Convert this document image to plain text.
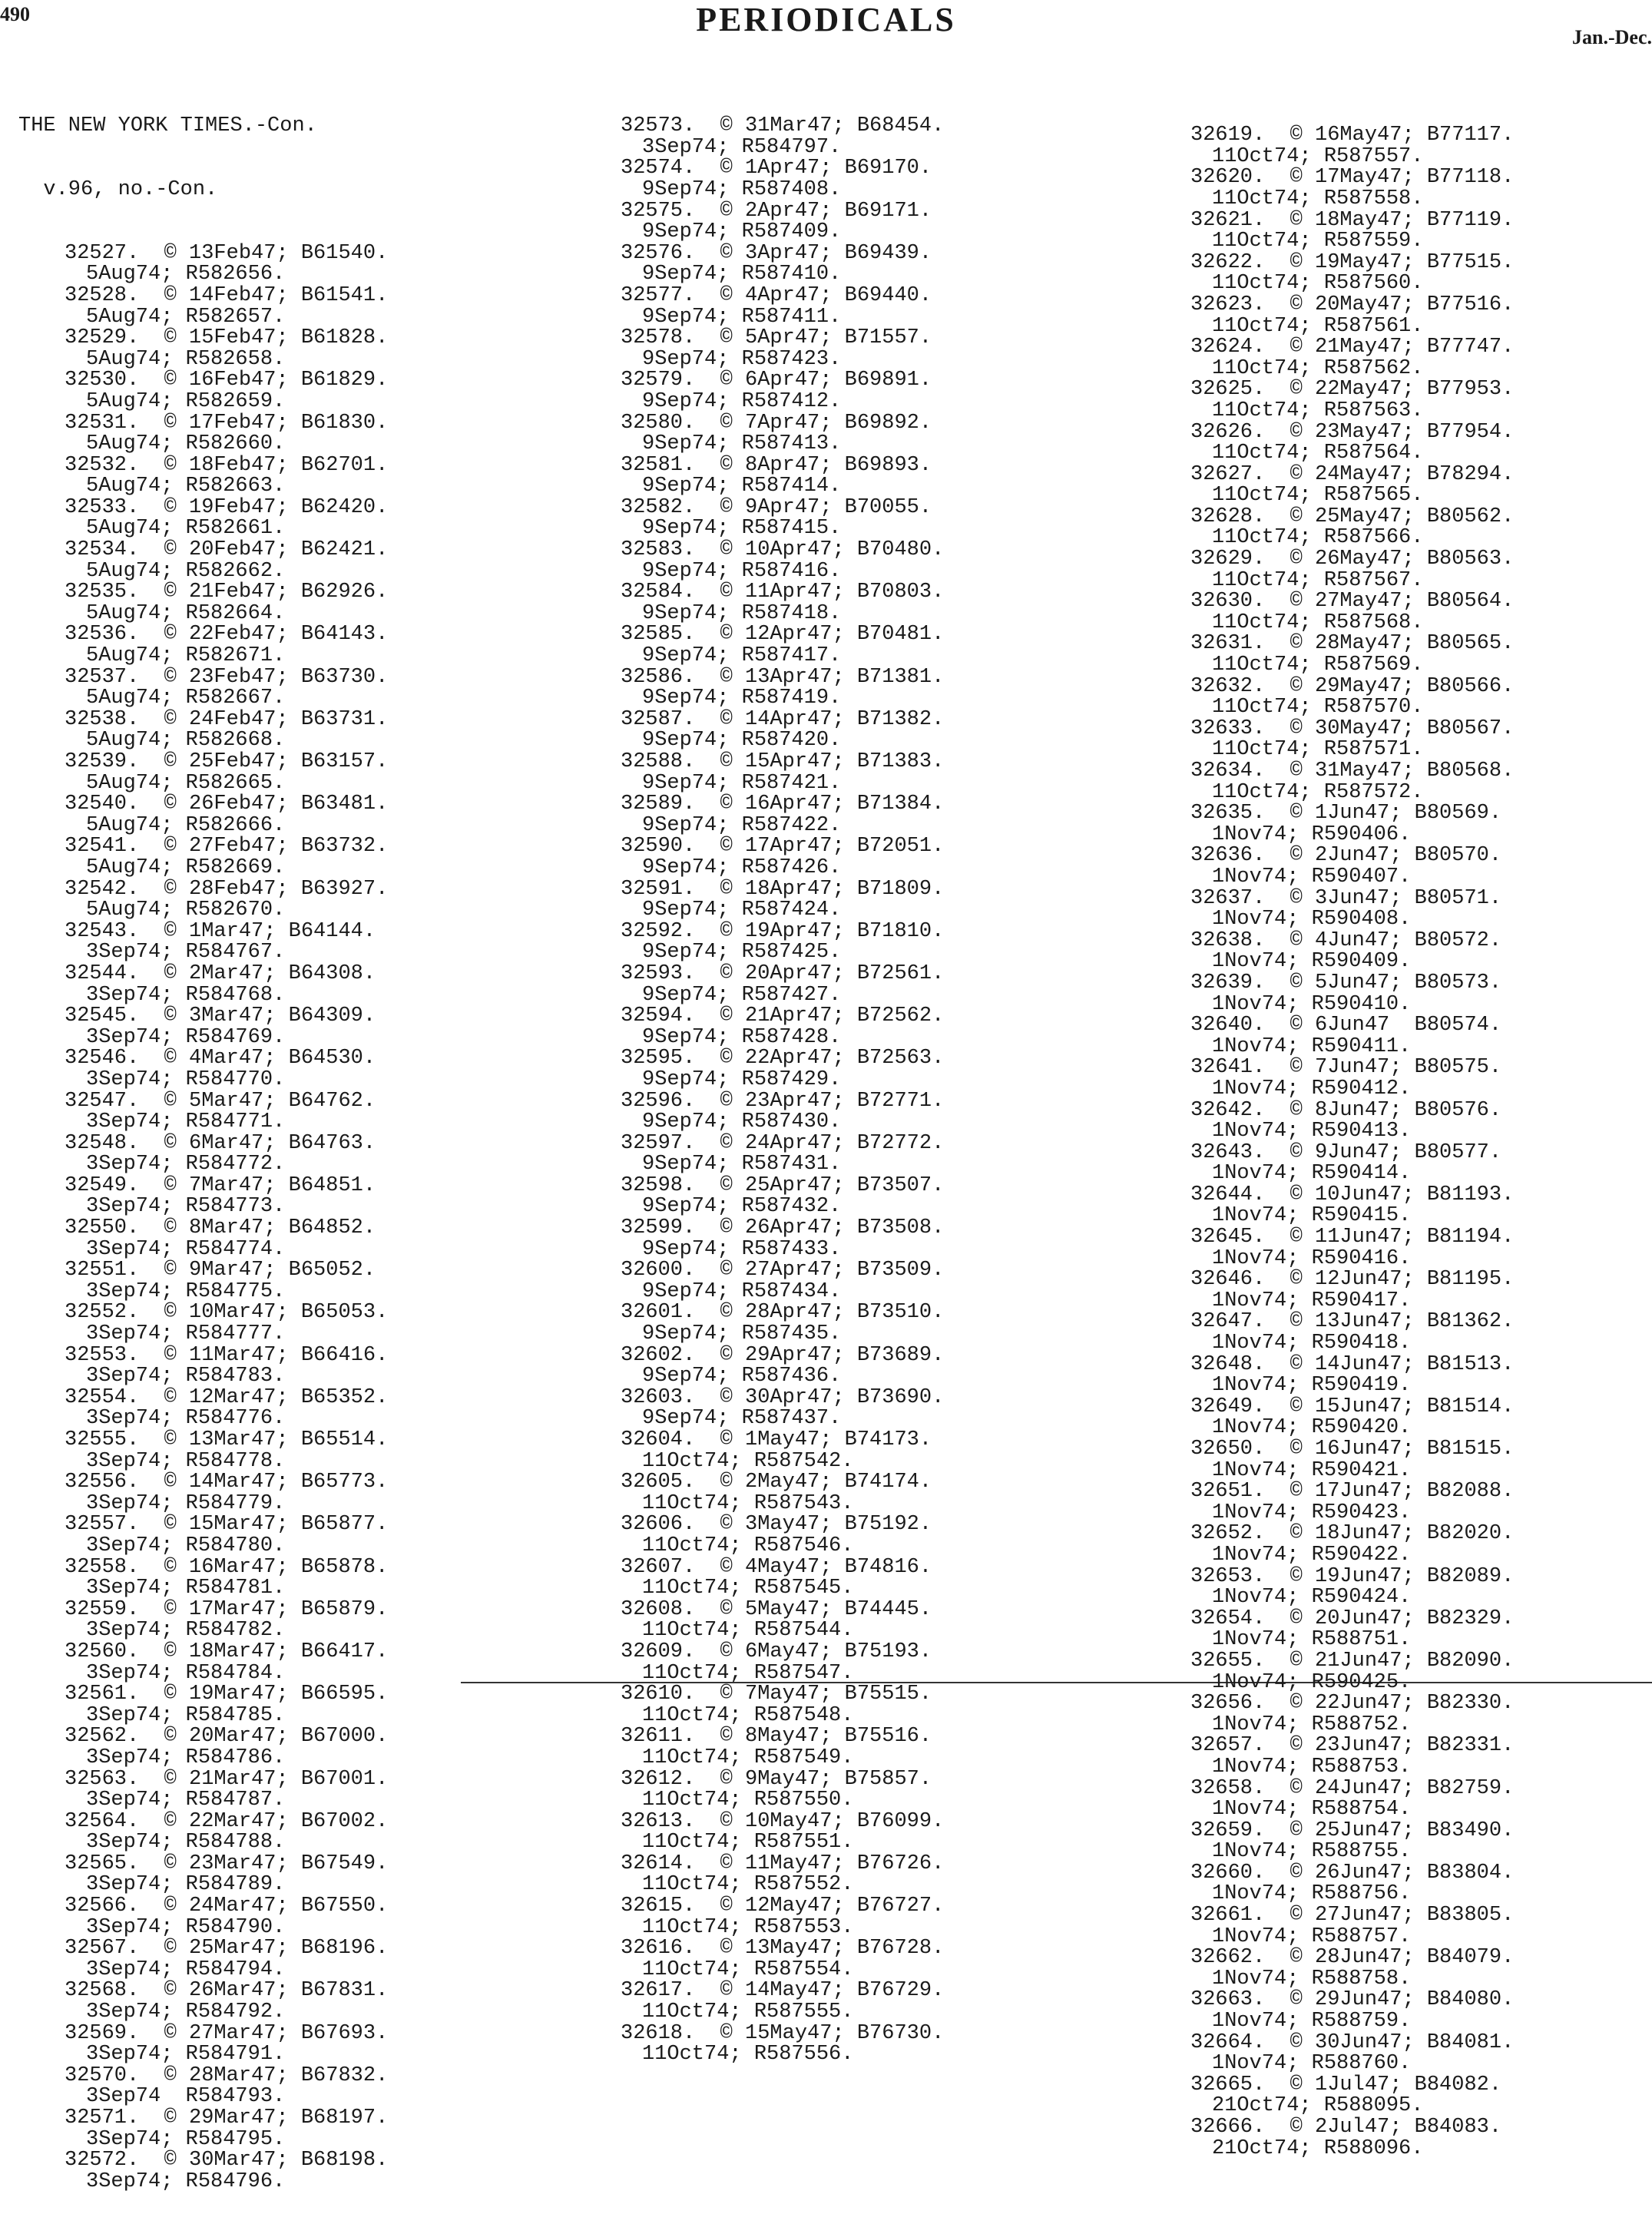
490	PERIODICALS	Jan.-Dec.

THE NEW YORK TIMES.-Con.

v.96, no.-Con.

32527.  © 13Feb47; B61540.
5Aug74; R582656.
32528.  © 14Feb47; B61541.
5Aug74; R582657.
32529.  © 15Feb47; B61828.
5Aug74; R582658.
32530.  © 16Feb47; B61829.
5Aug74; R582659.
32531.  © 17Feb47; B61830.
5Aug74; R582660.
32532.  © 18Feb47; B62701.
5Aug74; R582663.
32533.  © 19Feb47; B62420.
5Aug74; R582661.
32534.  © 20Feb47; B62421.
5Aug74; R582662.
32535.  © 21Feb47; B62926.
5Aug74; R582664.
32536.  © 22Feb47; B64143.
5Aug74; R582671.
32537.  © 23Feb47; B63730.
5Aug74; R582667.
32538.  © 24Feb47; B63731.
5Aug74; R582668.
32539.  © 25Feb47; B63157.
5Aug74; R582665.
32540.  © 26Feb47; B63481.
5Aug74; R582666.
32541.  © 27Feb47; B63732.
5Aug74; R582669.
32542.  © 28Feb47; B63927.
5Aug74; R582670.
32543.  © 1Mar47; B64144.
3Sep74; R584767.
32544.  © 2Mar47; B64308.
3Sep74; R584768.
32545.  © 3Mar47; B64309.
3Sep74; R584769.
32546.  © 4Mar47; B64530.
3Sep74; R584770.
32547.  © 5Mar47; B64762.
3Sep74; R584771.
32548.  © 6Mar47; B64763.
3Sep74; R584772.
32549.  © 7Mar47; B64851.
3Sep74; R584773.
32550.  © 8Mar47; B64852.
3Sep74; R584774.
32551.  © 9Mar47; B65052.
3Sep74; R584775.
32552.  © 10Mar47; B65053.
3Sep74; R584777.
32553.  © 11Mar47; B66416.
3Sep74; R584783.
32554.  © 12Mar47; B65352.
3Sep74; R584776.
32555.  © 13Mar47; B65514.
3Sep74; R584778.
32556.  © 14Mar47; B65773.
3Sep74; R584779.
32557.  © 15Mar47; B65877.
3Sep74; R584780.
32558.  © 16Mar47; B65878.
3Sep74; R584781.
32559.  © 17Mar47; B65879.
3Sep74; R584782.
32560.  © 18Mar47; B66417.
3Sep74; R584784.
32561.  © 19Mar47; B66595.
3Sep74; R584785.
32562.  © 20Mar47; B67000.
3Sep74; R584786.
32563.  © 21Mar47; B67001.
3Sep74; R584787.
32564.  © 22Mar47; B67002.
3Sep74; R584788.
32565.  © 23Mar47; B67549.
3Sep74; R584789.
32566.  © 24Mar47; B67550.
3Sep74; R584790.
32567.  © 25Mar47; B68196.
3Sep74; R584794.
32568.  © 26Mar47; B67831.
3Sep74; R584792.
32569.  © 27Mar47; B67693.
3Sep74; R584791.
32570.  © 28Mar47; B67832.
3Sep74  R584793.
32571.  © 29Mar47; B68197.
3Sep74; R584795.
32572.  © 30Mar47; B68198.
3Sep74; R584796.

32573.  © 31Mar47; B68454.
3Sep74; R584797.
32574.  © 1Apr47; B69170.
9Sep74; R587408.
32575.  © 2Apr47; B69171.
9Sep74; R587409.
32576.  © 3Apr47; B69439.
9Sep74; R587410.
32577.  © 4Apr47; B69440.
9Sep74; R587411.
32578.  © 5Apr47; B71557.
9Sep74; R587423.
32579.  © 6Apr47; B69891.
9Sep74; R587412.
32580.  © 7Apr47; B69892.
9Sep74; R587413.
32581.  © 8Apr47; B69893.
9Sep74; R587414.
32582.  © 9Apr47; B70055.
9Sep74; R587415.
32583.  © 10Apr47; B70480.
9Sep74; R587416.
32584.  © 11Apr47; B70803.
9Sep74; R587418.
32585.  © 12Apr47; B70481.
9Sep74; R587417.
32586.  © 13Apr47; B71381.
9Sep74; R587419.
32587.  © 14Apr47; B71382.
9Sep74; R587420.
32588.  © 15Apr47; B71383.
9Sep74; R587421.
32589.  © 16Apr47; B71384.
9Sep74; R587422.
32590.  © 17Apr47; B72051.
9Sep74; R587426.
32591.  © 18Apr47; B71809.
9Sep74; R587424.
32592.  © 19Apr47; B71810.
9Sep74; R587425.
32593.  © 20Apr47; B72561.
9Sep74; R587427.
32594.  © 21Apr47; B72562.
9Sep74; R587428.
32595.  © 22Apr47; B72563.
9Sep74; R587429.
32596.  © 23Apr47; B72771.
9Sep74; R587430.
32597.  © 24Apr47; B72772.
9Sep74; R587431.
32598.  © 25Apr47; B73507.
9Sep74; R587432.
32599.  © 26Apr47; B73508.
9Sep74; R587433.
32600.  © 27Apr47; B73509.
9Sep74; R587434.
32601.  © 28Apr47; B73510.
9Sep74; R587435.
32602.  © 29Apr47; B73689.
9Sep74; R587436.
32603.  © 30Apr47; B73690.
9Sep74; R587437.
32604.  © 1May47; B74173.
11Oct74; R587542.
32605.  © 2May47; B74174.
11Oct74; R587543.
32606.  © 3May47; B75192.
11Oct74; R587546.
32607.  © 4May47; B74816.
11Oct74; R587545.
32608.  © 5May47; B74445.
11Oct74; R587544.
32609.  © 6May47; B75193.
11Oct74; R587547.
32610.  © 7May47; B75515.
11Oct74; R587548.
32611.  © 8May47; B75516.
11Oct74; R587549.
32612.  © 9May47; B75857.
11Oct74; R587550.
32613.  © 10May47; B76099.
11Oct74; R587551.
32614.  © 11May47; B76726.
11Oct74; R587552.
32615.  © 12May47; B76727.
11Oct74; R587553.
32616.  © 13May47; B76728.
11Oct74; R587554.
32617.  © 14May47; B76729.
11Oct74; R587555.
32618.  © 15May47; B76730.
11Oct74; R587556.

32619.  © 16May47; B77117.
11Oct74; R587557.
32620.  © 17May47; B77118.
11Oct74; R587558.
32621.  © 18May47; B77119.
11Oct74; R587559.
32622.  © 19May47; B77515.
11Oct74; R587560.
32623.  © 20May47; B77516.
11Oct74; R587561.
32624.  © 21May47; B77747.
11Oct74; R587562.
32625.  © 22May47; B77953.
11Oct74; R587563.
32626.  © 23May47; B77954.
11Oct74; R587564.
32627.  © 24May47; B78294.
11Oct74; R587565.
32628.  © 25May47; B80562.
11Oct74; R587566.
32629.  © 26May47; B80563.
11Oct74; R587567.
32630.  © 27May47; B80564.
11Oct74; R587568.
32631.  © 28May47; B80565.
11Oct74; R587569.
32632.  © 29May47; B80566.
11Oct74; R587570.
32633.  © 30May47; B80567.
11Oct74; R587571.
32634.  © 31May47; B80568.
11Oct74; R587572.
32635.  © 1Jun47; B80569.
1Nov74; R590406.
32636.  © 2Jun47; B80570.
1Nov74; R590407.
32637.  © 3Jun47; B80571.
1Nov74; R590408.
32638.  © 4Jun47; B80572.
1Nov74; R590409.
32639.  © 5Jun47; B80573.
1Nov74; R590410.
32640.  © 6Jun47  B80574.
1Nov74; R590411.
32641.  © 7Jun47; B80575.
1Nov74; R590412.
32642.  © 8Jun47; B80576.
1Nov74; R590413.
32643.  © 9Jun47; B80577.
1Nov74; R590414.
32644.  © 10Jun47; B81193.
1Nov74; R590415.
32645.  © 11Jun47; B81194.
1Nov74; R590416.
32646.  © 12Jun47; B81195.
1Nov74; R590417.
32647.  © 13Jun47; B81362.
1Nov74; R590418.
32648.  © 14Jun47; B81513.
1Nov74; R590419.
32649.  © 15Jun47; B81514.
1Nov74; R590420.
32650.  © 16Jun47; B81515.
1Nov74; R590421.
32651.  © 17Jun47; B82088.
1Nov74; R590423.
32652.  © 18Jun47; B82020.
1Nov74; R590422.
32653.  © 19Jun47; B82089.
1Nov74; R590424.
32654.  © 20Jun47; B82329.
1Nov74; R588751.
32655.  © 21Jun47; B82090.
1Nov74; R590425.
32656.  © 22Jun47; B82330.
1Nov74; R588752.
32657.  © 23Jun47; B82331.
1Nov74; R588753.
32658.  © 24Jun47; B82759.
1Nov74; R588754.
32659.  © 25Jun47; B83490.
1Nov74; R588755.
32660.  © 26Jun47; B83804.
1Nov74; R588756.
32661.  © 27Jun47; B83805.
1Nov74; R588757.
32662.  © 28Jun47; B84079.
1Nov74; R588758.
32663.  © 29Jun47; B84080.
1Nov74; R588759.
32664.  © 30Jun47; B84081.
1Nov74; R588760.
32665.  © 1Jul47; B84082.
21Oct74; R588095.
32666.  © 2Jul47; B84083.
21Oct74; R588096.
